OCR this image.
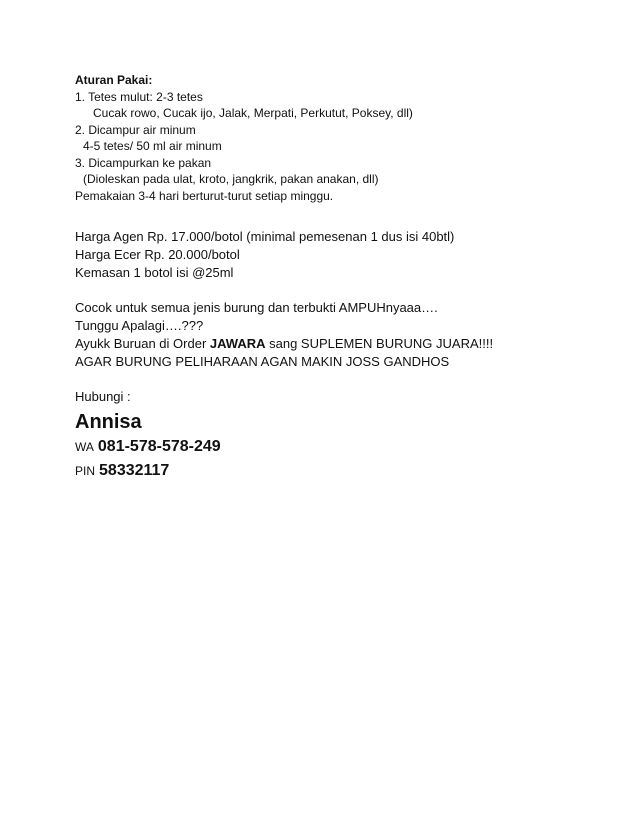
Aturan Pakai:
1. Tetes mulut: 2-3 tetes
Cucak rowo, Cucak ijo, Jalak, Merpati, Perkutut, Poksey, dll)
2. Dicampur air minum
4-5 tetes/ 50 ml air minum
3. Dicampurkan ke pakan
(Dioleskan pada ulat, kroto, jangkrik, pakan anakan, dll)
Pemakaian 3-4 hari berturut-turut setiap minggu.
Harga Agen Rp. 17.000/botol (minimal pemesenan 1 dus isi 40btl)
Harga Ecer Rp. 20.000/botol
Kemasan 1 botol isi @25ml
Cocok untuk semua jenis burung dan terbukti AMPUHnyaaa….
Tunggu Apalagi….???
Ayukk Buruan di Order JAWARA sang SUPLEMEN BURUNG JUARA!!!!
AGAR BURUNG PELIHARAAN AGAN MAKIN JOSS GANDHOS
Hubungi :
Annisa
WA 081-578-578-249
PIN 58332117
